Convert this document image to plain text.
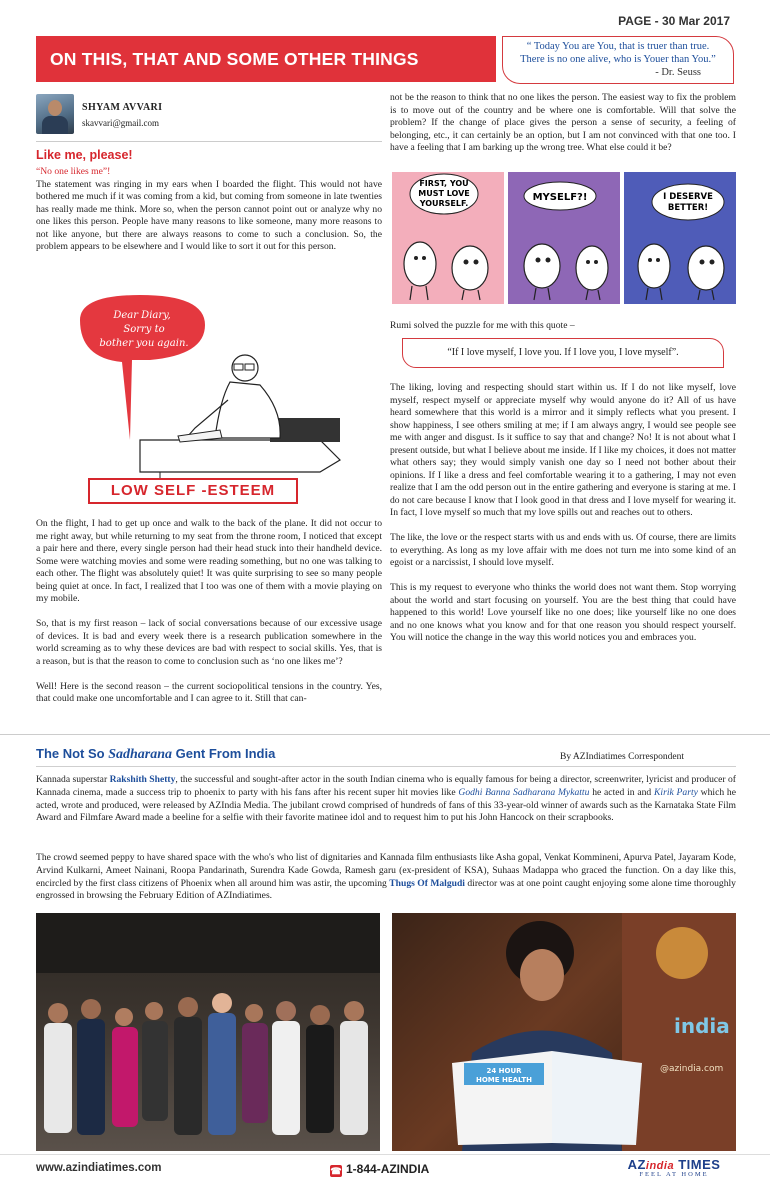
PAGE - 30 Mar 2017
ON THIS, THAT AND SOME OTHER THINGS
“ Today You are You, that is truer than true.
There is no one alive, who is Youer than You.”
- Dr. Seuss
SHYAM AVVARI
skavvari@gmail.com
Like me, please!
“No one likes me”!

The statement was ringing in my ears when I boarded the flight. This would not have bothered me much if it was coming from a kid, but coming from someone in late twenties has really made me think. More so, when the person cannot point out or analyze why no one likes this person. People have many reasons to like someone, many more reasons to not like anyone, but there are always reasons to come to such a conclusion. So, the problem appears to be elsewhere and I would like to sort it out for this person.

Dear Diary,
Sorry to
bother you again.
LOW SELF -ESTEEM

On the flight, I had to get up once and walk to the back of the plane. It did not occur to me right away, but while returning to my seat from the throne room, I noticed that except a pair here and there, every single person had their head stuck into their handheld device. Some were watching movies and some were reading something, but no one was talking to each other. The flight was absolutely quiet! It was quite surprising to see so many people being quiet at once. In fact, I realized that I too was one of them with a movie playing on my mobile.

So, that is my first reason – lack of social conversations because of our excessive usage of devices. It is bad and every week there is a research publication somewhere in the world screaming as to why these devices are bad with respect to social skills. Yes, that is a reason, but is that the reason to come to conclusion such as ‘no one likes me’?

Well! Here is the second reason – the current sociopolitical tensions in the country. Yes, that could make one uncomfortable and I can agree to it. Still that can-

not be the reason to think that no one likes the person. The easiest way to fix the problem is to move out of the country and be where one is comfortable. Will that solve the problem? If the change of place gives the person a sense of security, a feeling of belonging, etc., it can certainly be an option, but I am not convinced with that one too. I have a feeling that I am barking up the wrong tree. What else could it be?

FIRST, YOU
MUST LOVE
YOURSELF.
MYSELF?!	I DESERVE
BETTER!
Rumi solved the puzzle for me with this quote –
“If I love myself, I love you. If I love you, I love myself”.

The liking, loving and respecting should start within us. If I do not like myself, love myself, respect myself or appreciate myself why would anyone do it? All of us have heard somewhere that this world is a mirror and it simply reflects what you present. I show happiness, I see others smiling at me; if I am always angry, I would see people see me with anger and disgust. Is it suffice to say that and change? No! It is not about what I present outside, but what I believe about me inside. If I like my choices, it does not matter what others say; they would simply vanish one day so I need not bother about their opinions. If I like a dress and feel comfortable wearing it to a gathering, I may not even realize that I am the odd person out in the entire gathering and everyone is staring at me. I do not care because I know that I look good in that dress and I love myself for wearing it. In fact, I love myself so much that my love spills out and reaches out to others.

The like, the love or the respect starts with us and ends with us. Of course, there are limits to everything. As long as my love affair with me does not turn me into some kind of an egoist or a narcissist, I should love myself.

This is my request to everyone who thinks the world does not want them. Stop worrying about the world and start focusing on yourself. You are the best thing that could have happened to this world! Love yourself like no one does; like yourself like no one does and no one knows what you know and for that one reason you should respect yourself. You will notice the change in the way this world notices you and embraces you.

The Not So Sadharana Gent From India	By AZIndiatimes Correspondent
Kannada superstar Rakshith Shetty, the successful and sought-after actor in the south Indian cinema who is equally famous for being a director, screenwriter, lyricist and producer of Kannada cinema, made a success trip to phoenix to party with his fans after his recent super hit movies like Godhi Banna Sadharana Mykattu he acted in and Kirik Party which he acted, wrote and produced, were released by AZIndia Media. The jubilant crowd comprised of hundreds of fans of this 33-year-old winner of awards such as the Karnataka State Film Award and Filmfare Award made a beeline for a selfie with their favorite matinee idol and to request him to put his John Hancock on their scrapbooks.
The crowd seemed peppy to have shared space with the who's who list of dignitaries and Kannada film enthusiasts like Asha gopal, Venkat Kommineni, Apurva Patel, Jayaram Kode, Arvind Kulkarni, Ameet Nainani, Roopa Pandarinath, Surendra Kade Gowda, Ramesh garu (ex-president of KSA), Suhaas Madappa who graced the function. On a day like this, encircled by the first class citizens of Phoenix when all around him was astir, the upcoming Thugs Of Malgudi director was at one point caught enjoying some alone time thoroughly engrossed in browsing the February Edition of AZIndiatimes.
india
@azindia.com
24 HOUR
HOME HEALTH
www.azindiatimes.com	☎ 1-844-AZINDIA	AZindia TIMES
FEEL AT HOME
